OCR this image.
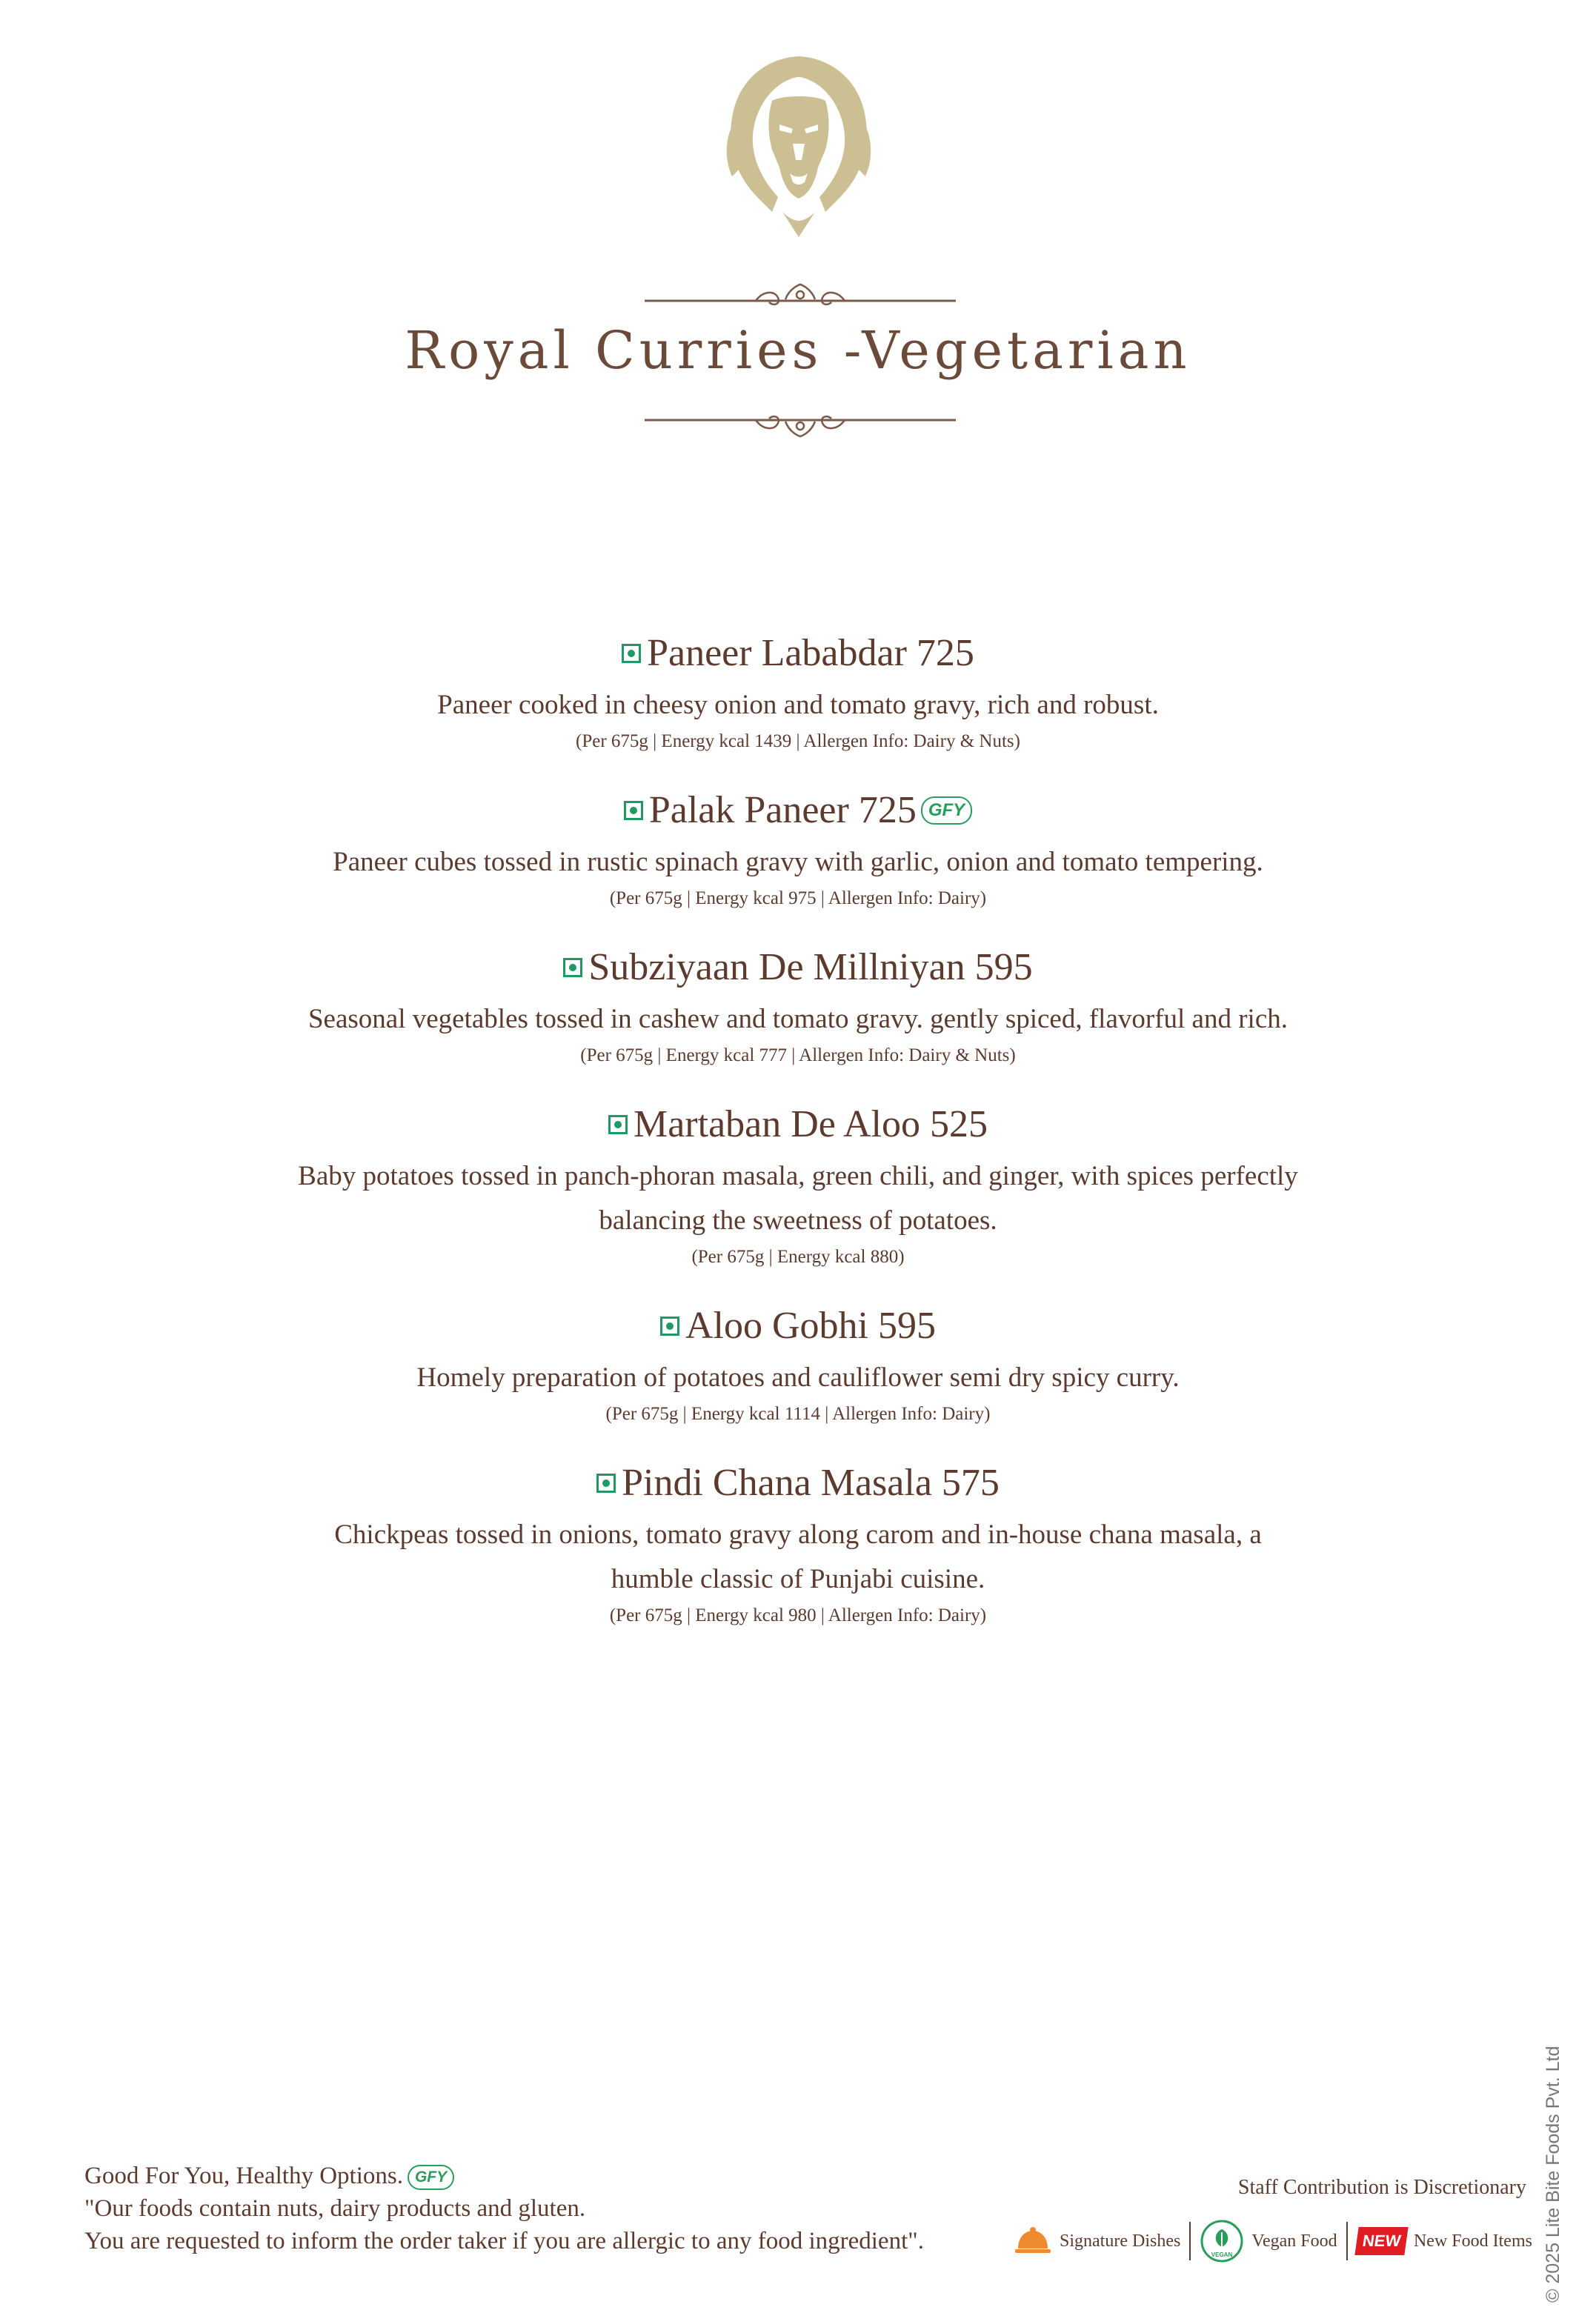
Royal Curries -Vegetarian
Paneer Lababdar 725
Paneer cooked in cheesy onion and tomato gravy, rich and robust.
(Per 675g | Energy kcal 1439 | Allergen Info: Dairy & Nuts)
Palak Paneer 725 GFY
Paneer cubes tossed in rustic spinach gravy with garlic, onion and tomato tempering.
(Per 675g | Energy kcal 975 | Allergen Info: Dairy)
Subziyaan De Millniyan 595
Seasonal vegetables tossed in cashew and tomato gravy. gently spiced, flavorful and rich.
(Per 675g | Energy kcal 777 | Allergen Info: Dairy & Nuts)
Martaban De Aloo 525
Baby potatoes tossed in panch-phoran masala, green chili, and ginger, with spices perfectly
balancing the sweetness of potatoes.
(Per 675g | Energy kcal 880)
Aloo Gobhi 595
Homely preparation of potatoes and cauliflower semi dry spicy curry.
(Per 675g | Energy kcal 1114 | Allergen Info: Dairy)
Pindi Chana Masala 575
Chickpeas tossed in onions, tomato gravy along carom and in-house chana masala, a
humble classic of Punjabi cuisine.
(Per 675g | Energy kcal 980 | Allergen Info: Dairy)
Good For You, Healthy Options. GFY
"Our foods contain nuts, dairy products and gluten.
You are requested to inform the order taker if you are allergic to any food ingredient".
Staff Contribution is Discretionary
Signature Dishes
VEGAN
Vegan Food	NEW New Food Items © 2025 Lite Bite Foods Pvt. Ltd
